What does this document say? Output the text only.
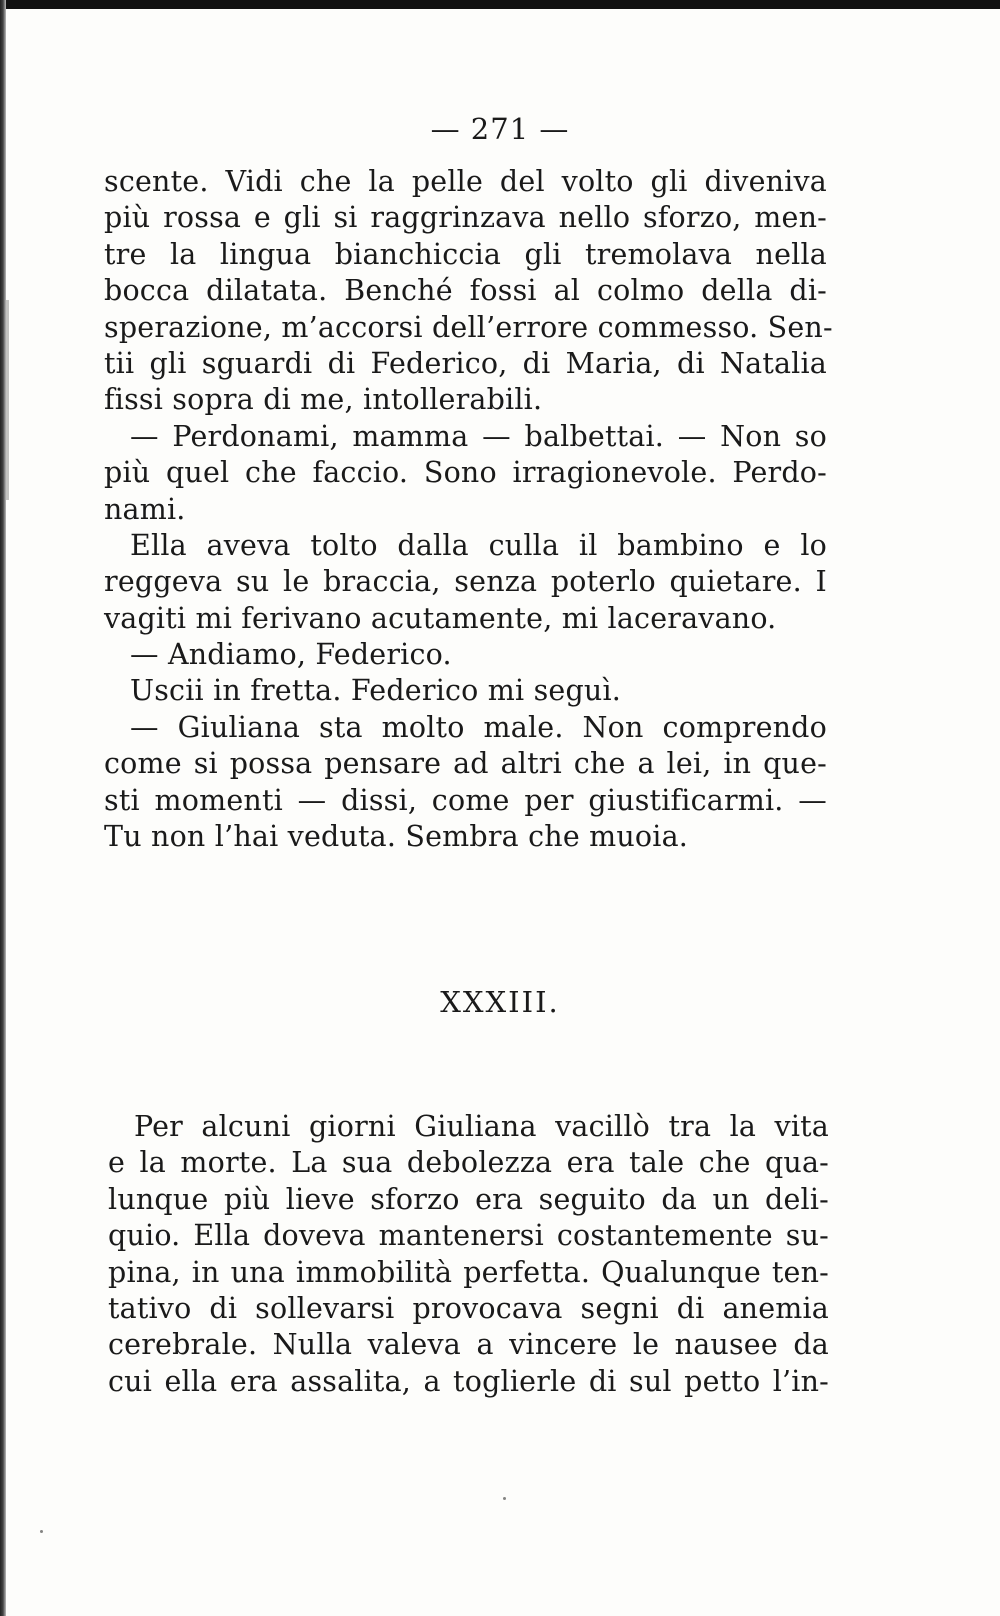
— 271 —
scente. Vidi che la pelle del volto gli diveniva
più rossa e gli si raggrinzava nello sforzo, men-
tre la lingua bianchiccia gli tremolava nella
bocca dilatata. Benché fossi al colmo della di-
sperazione, m’accorsi dell’errore commesso. Sen-
tii gli sguardi di Federico, di Maria, di Natalia
fissi sopra di me, intollerabili.
— Perdonami, mamma — balbettai. — Non so
più quel che faccio. Sono irragionevole. Perdo-
nami.
Ella aveva tolto dalla culla il bambino e lo
reggeva su le braccia, senza poterlo quietare. I
vagiti mi ferivano acutamente, mi laceravano.
— Andiamo, Federico.
Uscii in fretta. Federico mi seguì.
— Giuliana sta molto male. Non comprendo
come si possa pensare ad altri che a lei, in que-
sti momenti — dissi, come per giustificarmi. —
Tu non l’hai veduta. Sembra che muoia.
XXXIII.
Per alcuni giorni Giuliana vacillò tra la vita
e la morte. La sua debolezza era tale che qua-
lunque più lieve sforzo era seguito da un deli-
quio. Ella doveva mantenersi costantemente su-
pina, in una immobilità perfetta. Qualunque ten-
tativo di sollevarsi provocava segni di anemia
cerebrale. Nulla valeva a vincere le nausee da
cui ella era assalita, a toglierle di sul petto l’in-
